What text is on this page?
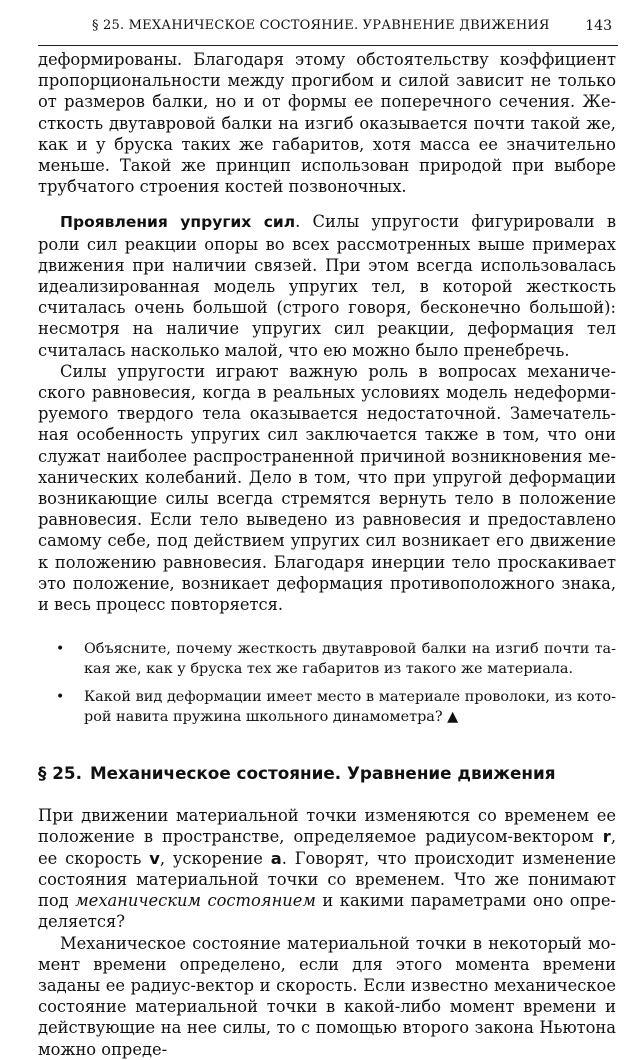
§ 25. МЕХАНИЧЕСКОЕ СОСТОЯНИЕ. УРАВНЕНИЕ ДВИЖЕНИЯ	143

деформированы. Благодаря этому обстоятельству коэффициент пропорциональности между прогибом и силой зависит не только от размеров балки, но и от формы ее поперечного сечения. Жесткость двутавровой балки на изгиб оказывается почти такой же, как и у бруска таких же габаритов, хотя масса ее значительно меньше. Такой же принцип использован природой при выборе трубчатого строения костей позвоночных.

Проявления упругих сил. Силы упругости фигурировали в роли сил реакции опоры во всех рассмотренных выше примерах движения при наличии связей. При этом всегда использовалась идеализированная модель упругих тел, в которой жесткость считалась очень большой (строго говоря, бесконечно большой): несмотря на наличие упругих сил реакции, деформация тел считалась насколько малой, что ею можно было пренебречь.

Силы упругости играют важную роль в вопросах механического равновесия, когда в реальных условиях модель недеформируемого твердого тела оказывается недостаточной. Замечательная особенность упругих сил заключается также в том, что они служат наиболее распространенной причиной возникновения механических колебаний. Дело в том, что при упругой деформации возникающие силы всегда стремятся вернуть тело в положение равновесия. Если тело выведено из равновесия и предоставлено самому себе, под действием упругих сил возникает его движение к положению равновесия. Благодаря инерции тело проскакивает это положение, возникает деформация противоположного знака, и весь процесс повторяется.

• Объясните, почему жесткость двутавровой балки на изгиб почти такая же, как у бруска тех же габаритов из такого же материала.
• Какой вид деформации имеет место в материале проволоки, из которой навита пружина школьного динамометра? ▲
§ 25. Механическое состояние. Уравнение движения

При движении материальной точки изменяются со временем ее положение в пространстве, определяемое радиусом-вектором r, ее скорость v, ускорение a. Говорят, что происходит изменение состояния материальной точки со временем. Что же понимают под механическим состоянием и какими параметрами оно определяется?

Механическое состояние материальной точки в некоторый момент времени определено, если для этого момента времени заданы ее радиус-вектор и скорость. Если известно механическое состояние материальной точки в какой-либо момент времени и действующие на нее силы, то с помощью второго закона Ньютона можно опреде-
